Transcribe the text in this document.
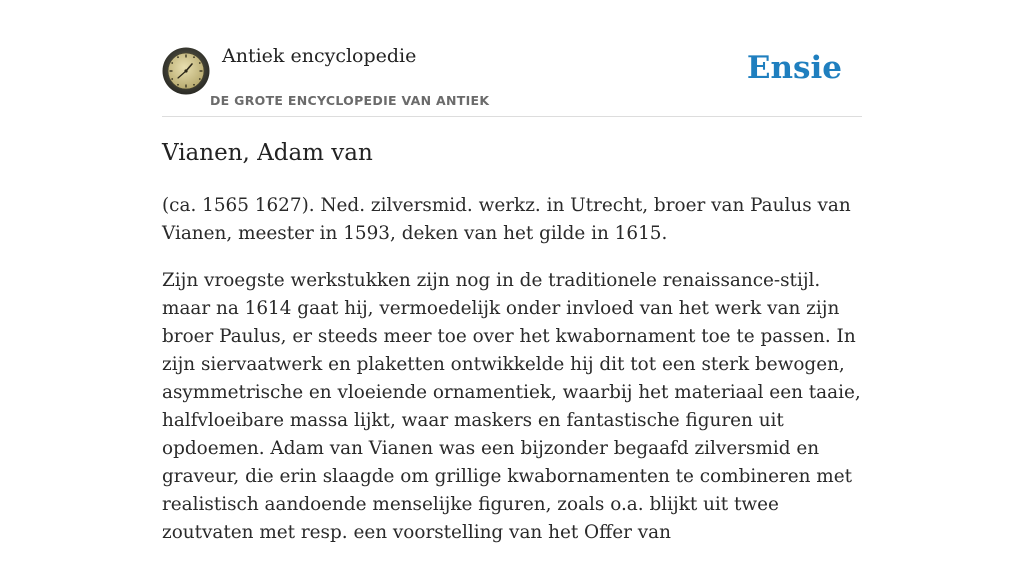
Antiek encyclopedie
DE GROTE ENCYCLOPEDIE VAN ANTIEK
Ensie
Vianen, Adam van

(ca. 1565 1627). Ned. zilversmid. werkz. in Utrecht, broer van Paulus van Vianen, meester in 1593, deken van het gilde in 1615.

Zijn vroegste werkstukken zijn nog in de traditionele renaissance-stijl. maar na 1614 gaat hij, vermoedelijk onder invloed van het werk van zijn broer Paulus, er steeds meer toe over het kwabornament toe te passen. In zijn siervaatwerk en plaketten ontwikkelde hij dit tot een sterk bewogen, asymmetrische en vloeiende ornamentiek, waarbij het materiaal een taaie, halfvloeibare massa lijkt, waar maskers en fantastische figuren uit opdoemen. Adam van Vianen was een bijzonder begaafd zilversmid en graveur, die erin slaagde om grillige kwabornamenten te combineren met realistisch aandoende menselijke figuren, zoals o.a. blijkt uit twee zoutvaten met resp. een voorstelling van het Offer van
